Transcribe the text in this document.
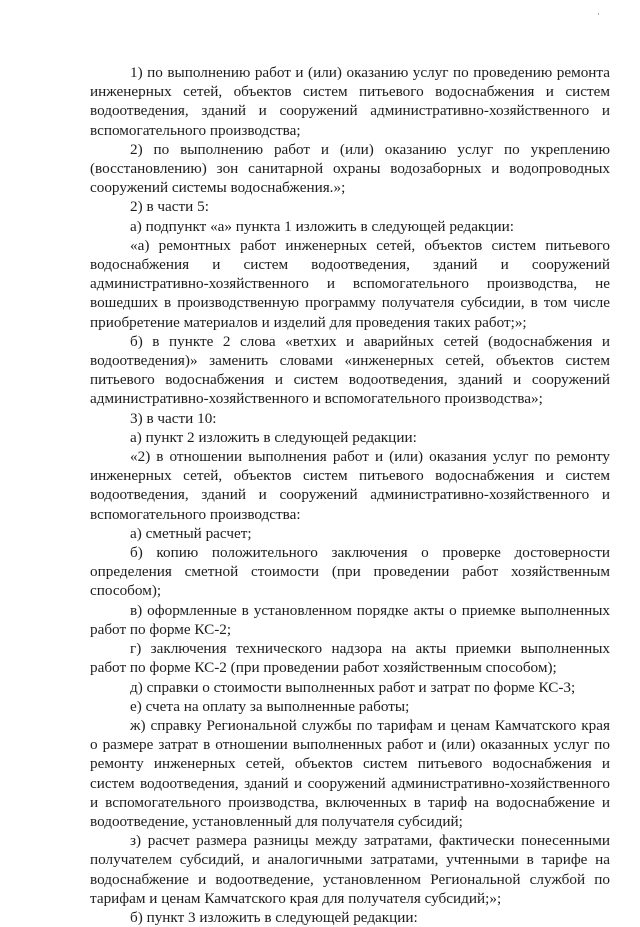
·

1) по выполнению работ и (или) оказанию услуг по проведению ремонта инженерных сетей, объектов систем питьевого водоснабжения и систем водоотведения, зданий и сооружений административно-хозяйственного и вспомогательного производства;

2) по выполнению работ и (или) оказанию услуг по укреплению (восстановлению) зон санитарной охраны водозаборных и водопроводных сооружений системы водоснабжения.»;

2) в части 5:

а) подпункт «а» пункта 1 изложить в следующей редакции:

«а) ремонтных работ инженерных сетей, объектов систем питьевого водоснабжения и систем водоотведения, зданий и сооружений административно-хозяйственного и вспомогательного производства, не вошедших в производственную программу получателя субсидии, в том числе приобретение материалов и изделий для проведения таких работ;»;

б) в пункте 2 слова «ветхих и аварийных сетей (водоснабжения и водоотведения)» заменить словами «инженерных сетей, объектов систем питьевого водоснабжения и систем водоотведения, зданий и сооружений административно-хозяйственного и вспомогательного производства»;

3) в части 10:

а) пункт 2 изложить в следующей редакции:

«2) в отношении выполнения работ и (или) оказания услуг по ремонту инженерных сетей, объектов систем питьевого водоснабжения и систем водоотведения, зданий и сооружений административно-хозяйственного и вспомогательного производства:

а) сметный расчет;

б) копию положительного заключения о проверке достоверности определения сметной стоимости (при проведении работ хозяйственным способом);

в) оформленные в установленном порядке акты о приемке выполненных работ по форме КС-2;

г) заключения технического надзора на акты приемки выполненных работ по форме КС-2 (при проведении работ хозяйственным способом);

д) справки о стоимости выполненных работ и затрат по форме КС-3;

е) счета на оплату за выполненные работы;

ж) справку Региональной службы по тарифам и ценам Камчатского края о размере затрат в отношении выполненных работ и (или) оказанных услуг по ремонту инженерных сетей, объектов систем питьевого водоснабжения и систем водоотведения, зданий и сооружений административно-хозяйственного и вспомогательного производства, включенных в тариф на водоснабжение и водоотведение, установленный для получателя субсидий;

з) расчет размера разницы между затратами, фактически понесенными получателем субсидий, и аналогичными затратами, учтенными в тарифе на водоснабжение и водоотведение, установленном Региональной службой по тарифам и ценам Камчатского края для получателя субсидий;»;

б) пункт 3 изложить в следующей редакции:
